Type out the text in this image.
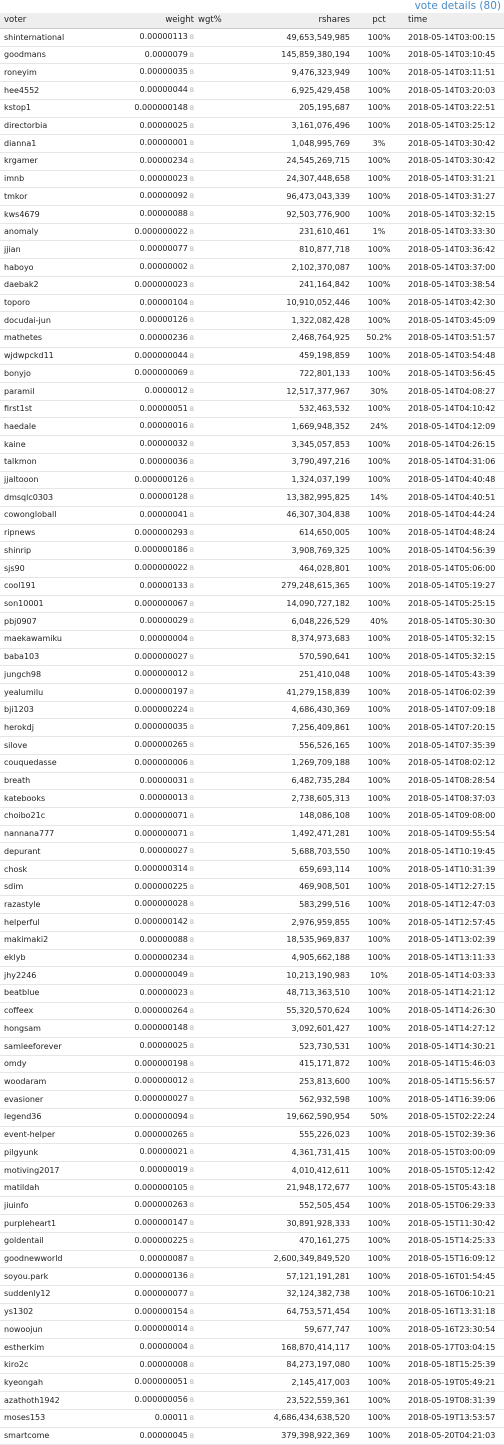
vote details (80)
voter	weight	wgt%	rshares	pct	time
shinternational	0.00000113 B		49,653,549,985	100%	2018-05-14T03:00:15
goodmans	0.0000079 B		145,859,380,194	100%	2018-05-14T03:10:45
roneyim	0.00000035 B		9,476,323,949	100%	2018-05-14T03:11:51
hee4552	0.00000044 B		6,925,429,458	100%	2018-05-14T03:20:03
kstop1	0.000000148 B		205,195,687	100%	2018-05-14T03:22:51
directorbia	0.00000025 B		3,161,076,496	100%	2018-05-14T03:25:12
dianna1	0.00000001 B		1,048,995,769	3%	2018-05-14T03:30:42
krgamer	0.00000234 B		24,545,269,715	100%	2018-05-14T03:30:42
imnb	0.00000023 B		24,307,448,658	100%	2018-05-14T03:31:21
tmkor	0.00000092 B		96,473,043,339	100%	2018-05-14T03:31:27
kws4679	0.00000088 B		92,503,776,900	100%	2018-05-14T03:32:15
anomaly	0.000000022 B		231,610,461	1%	2018-05-14T03:33:30
jjian	0.00000077 B		810,877,718	100%	2018-05-14T03:36:42
haboyo	0.00000002 B		2,102,370,087	100%	2018-05-14T03:37:00
daebak2	0.000000023 B		241,164,842	100%	2018-05-14T03:38:54
toporo	0.00000104 B		10,910,052,446	100%	2018-05-14T03:42:30
docudai-jun	0.00000126 B		1,322,082,428	100%	2018-05-14T03:45:09
mathetes	0.00000236 B		2,468,764,925	50.2%	2018-05-14T03:51:57
wjdwpckd11	0.000000044 B		459,198,859	100%	2018-05-14T03:54:48
bonyjo	0.000000069 B		722,801,133	100%	2018-05-14T03:56:45
paramil	0.0000012 B		12,517,377,967	30%	2018-05-14T04:08:27
first1st	0.00000051 B		532,463,532	100%	2018-05-14T04:10:42
haedale	0.00000016 B		1,669,948,352	24%	2018-05-14T04:12:09
kaine	0.00000032 B		3,345,057,853	100%	2018-05-14T04:26:15
talkmon	0.00000036 B		3,790,497,216	100%	2018-05-14T04:31:06
jjaltooon	0.000000126 B		1,324,037,199	100%	2018-05-14T04:40:48
dmsqlc0303	0.00000128 B		13,382,995,825	14%	2018-05-14T04:40:51
cowongloball	0.00000041 B		46,307,304,838	100%	2018-05-14T04:44:24
ripnews	0.000000293 B		614,650,005	100%	2018-05-14T04:48:24
shinrip	0.000000186 B		3,908,769,325	100%	2018-05-14T04:56:39
sjs90	0.000000022 B		464,028,801	100%	2018-05-14T05:06:00
cool191	0.00000133 B		279,248,615,365	100%	2018-05-14T05:19:27
son10001	0.000000067 B		14,090,727,182	100%	2018-05-14T05:25:15
pbj0907	0.00000029 B		6,048,226,529	40%	2018-05-14T05:30:30
maekawamiku	0.00000004 B		8,374,973,683	100%	2018-05-14T05:32:15
baba103	0.000000027 B		570,590,641	100%	2018-05-14T05:32:15
jungch98	0.000000012 B		251,410,048	100%	2018-05-14T05:43:39
yealumilu	0.000000197 B		41,279,158,839	100%	2018-05-14T06:02:39
bji1203	0.000000224 B		4,686,430,369	100%	2018-05-14T07:09:18
herokdj	0.000000035 B		7,256,409,861	100%	2018-05-14T07:20:15
silove	0.000000265 B		556,526,165	100%	2018-05-14T07:35:39
couquedasse	0.000000006 B		1,269,709,188	100%	2018-05-14T08:02:12
breath	0.00000031 B		6,482,735,284	100%	2018-05-14T08:28:54
katebooks	0.00000013 B		2,738,605,313	100%	2018-05-14T08:37:03
choibo21c	0.000000071 B		148,086,108	100%	2018-05-14T09:08:00
nannana777	0.000000071 B		1,492,471,281	100%	2018-05-14T09:55:54
depurant	0.00000027 B		5,688,703,550	100%	2018-05-14T10:19:45
chosk	0.000000314 B		659,693,114	100%	2018-05-14T10:31:39
sdim	0.000000225 B		469,908,501	100%	2018-05-14T12:27:15
razastyle	0.000000028 B		583,299,516	100%	2018-05-14T12:47:03
helperful	0.000000142 B		2,976,959,855	100%	2018-05-14T12:57:45
makimaki2	0.00000088 B		18,535,969,837	100%	2018-05-14T13:02:39
eklyb	0.000000234 B		4,905,662,188	100%	2018-05-14T13:11:33
jhy2246	0.000000049 B		10,213,190,983	10%	2018-05-14T14:03:33
beatblue	0.00000023 B		48,713,363,510	100%	2018-05-14T14:21:12
coffeex	0.000000264 B		55,320,570,624	100%	2018-05-14T14:26:30
hongsam	0.000000148 B		3,092,601,427	100%	2018-05-14T14:27:12
samleeforever	0.00000025 B		523,730,531	100%	2018-05-14T14:30:21
omdy	0.000000198 B		415,171,872	100%	2018-05-14T15:46:03
woodaram	0.000000012 B		253,813,600	100%	2018-05-14T15:56:57
evasioner	0.000000027 B		562,932,598	100%	2018-05-14T16:39:06
legend36	0.000000094 B		19,662,590,954	50%	2018-05-15T02:22:24
event-helper	0.000000265 B		555,226,023	100%	2018-05-15T02:39:36
pilgyunk	0.00000021 B		4,361,731,415	100%	2018-05-15T03:00:09
motiving2017	0.00000019 B		4,010,412,611	100%	2018-05-15T05:12:42
matildah	0.000000105 B		21,948,172,677	100%	2018-05-15T05:43:18
jiuinfo	0.000000263 B		552,505,454	100%	2018-05-15T06:29:33
purpleheart1	0.000000147 B		30,891,928,333	100%	2018-05-15T11:30:42
goldentail	0.000000225 B		470,161,275	100%	2018-05-15T14:25:33
goodnewworld	0.00000087 B		2,600,349,849,520	100%	2018-05-15T16:09:12
soyou.park	0.000000136 B		57,121,191,281	100%	2018-05-16T01:54:45
suddenly12	0.000000077 B		32,124,382,738	100%	2018-05-16T06:10:21
ys1302	0.000000154 B		64,753,571,454	100%	2018-05-16T13:31:18
nowoojun	0.000000014 B		59,677,747	100%	2018-05-16T23:30:54
estherkim	0.00000004 B		168,870,414,117	100%	2018-05-17T03:04:15
kiro2c	0.00000008 B		84,273,197,080	100%	2018-05-18T15:25:39
kyeongah	0.000000051 B		2,145,417,003	100%	2018-05-19T05:49:21
azathoth1942	0.000000056 B		23,522,559,361	100%	2018-05-19T08:31:39
moses153	0.00011 B		4,686,434,638,520	100%	2018-05-19T13:53:57
smartcome	0.00000045 B		379,398,922,369	100%	2018-05-20T04:21:03
